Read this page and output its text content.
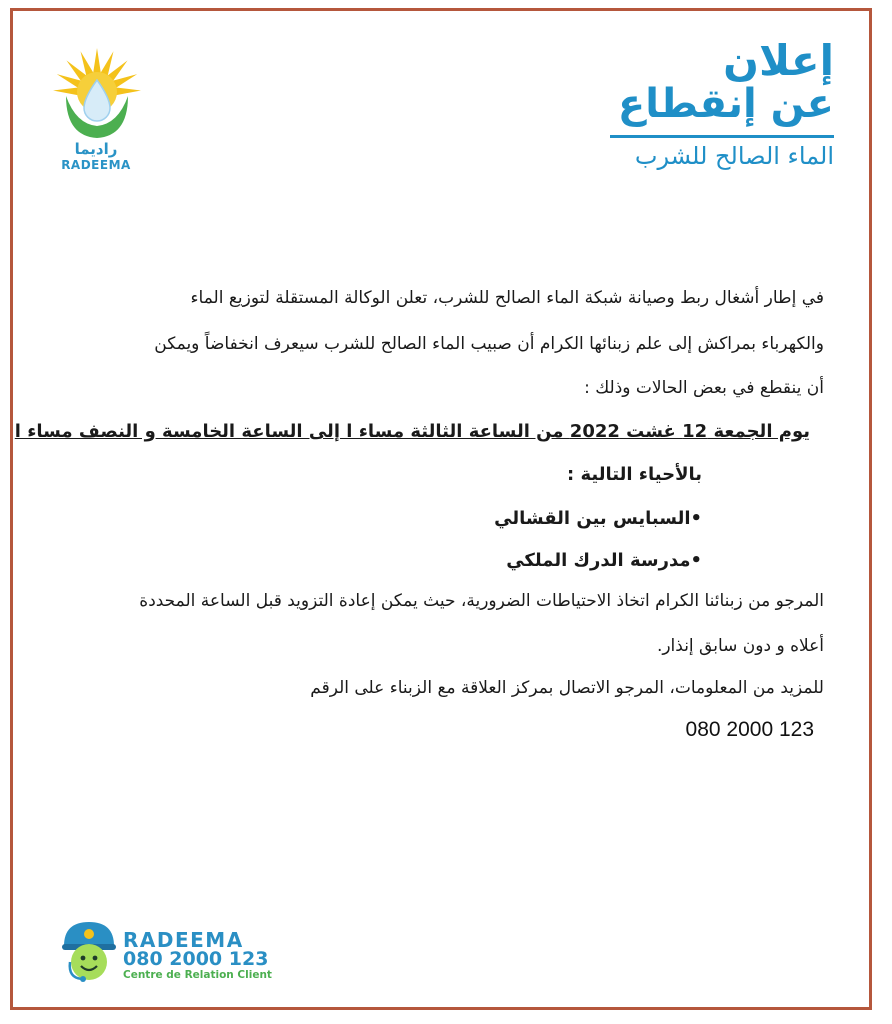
راديما
RADEEMA
إعلان
عن إنقطاع
الماء الصالح للشرب
في إطار أشغال ربط وصيانة شبكة الماء الصالح للشرب، تعلن الوكالة المستقلة لتوزيع الماء
والكهرباء بمراكش إلى علم زبنائها الكرام أن صبيب الماء الصالح للشرب سيعرف انخفاضاً ويمكن
أن ينقطع في بعض الحالات وذلك :
يوم الجمعة 12 غشت 2022 من الساعة الثالثة مساء ا إلى الساعة الخامسة و النصف مساء ا
بالأحياء التالية :
•السبايس بين القشالي
•مدرسة الدرك الملكي
المرجو من زبنائنا الكرام اتخاذ الاحتياطات الضرورية، حيث يمكن إعادة التزويد قبل الساعة المحددة
أعلاه و دون سابق إنذار.
للمزيد من المعلومات، المرجو الاتصال بمركز العلاقة مع الزبناء على الرقم
080 2000 123
RADEEMA
080 2000 123
Centre de Relation Client
